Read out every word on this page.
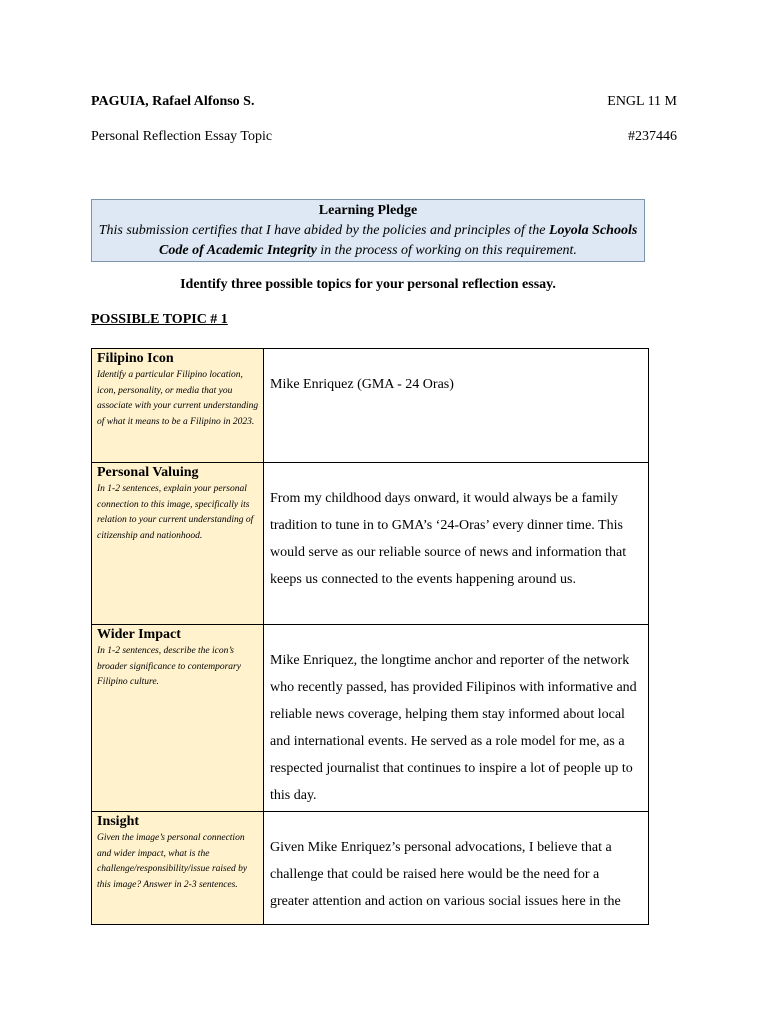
PAGUIA, Rafael Alfonso S.	ENGL 11 M
Personal Reflection Essay Topic	#237446
Learning Pledge
This submission certifies that I have abided by the policies and principles of the Loyola Schools Code of Academic Integrity in the process of working on this requirement.
Identify three possible topics for your personal reflection essay.
POSSIBLE TOPIC # 1
Filipino Icon
Identify a particular Filipino location, icon, personality, or media that you associate with your current understanding of what it means to be a Filipino in 2023.	Mike Enriquez (GMA - 24 Oras)

Personal Valuing
In 1-2 sentences, explain your personal connection to this image, specifically its relation to your current understanding of citizenship and nationhood.	From my childhood days onward, it would always be a family tradition to tune in to GMA’s ‘24-Oras’ every dinner time. This would serve as our reliable source of news and information that keeps us connected to the events happening around us.

Wider Impact
In 1-2 sentences, describe the icon’s broader significance to contemporary Filipino culture.	Mike Enriquez, the longtime anchor and reporter of the network who recently passed, has provided Filipinos with informative and reliable news coverage, helping them stay informed about local and international events. He served as a role model for me, as a respected journalist that continues to inspire a lot of people up to this day.

Insight
Given the image’s personal connection and wider impact, what is the challenge/responsibility/issue raised by this image? Answer in 2-3 sentences.	Given Mike Enriquez’s personal advocations, I believe that a challenge that could be raised here would be the need for a greater attention and action on various social issues here in the
